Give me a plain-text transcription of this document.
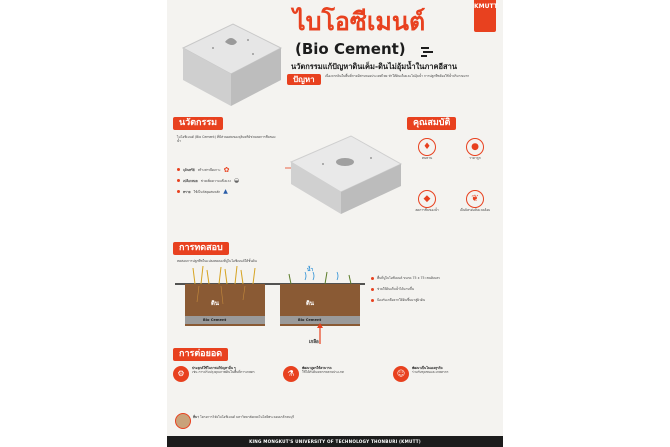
KMUTT
ไบโอซีเมนต์
(Bio Cement)
นวัตกรรมแก้ปัญหาดินเค็ม-ดินไม่อุ้มน้ำในภาคอีสาน
ปัญหา	เนื่องจากดินในพื้นที่ภาคอีสานของประเทศไทย ทำให้ดินเค็มและไม่อุ้มน้ำ การปลูกพืชต้องใช้น้ำปริมาณมาก
นวัตกรรม
ไบโอซีเมนต์ (Bio Cement) ที่มีส่วนผสมของจุลินทรีย์ช่วยลดการซึมของน้ำ
จุลินทรีย์ สร้างสารยึดเกาะ ✿
เปลือกหอย ช่วยเพิ่มความแข็งแรง ◒
ทราย ใช้เป็นวัสดุผสมหลัก ▲
คุณสมบัติ
♦
ทนทาน
●
ราคาถูก
◆
ลดการซึมของน้ำ
❦
เป็นมิตรต่อสิ่งแวดล้อม
การทดสอบ
ทดสอบการปลูกพืชในแปลงทดลองที่ปูไบโอซีเมนต์ใต้ชั้นดิน
ดิน	ดิน
Bio Cement	Bio Cement
น้ำ
เกลือ
พื้นที่ปูไบโอซีเมนต์ ขนาด 75 x 75 เซนติเมตร
ช่วยให้ดินเก็บน้ำได้นานขึ้น
ป้องกันเกลือจากใต้ดินขึ้นมาสู่ผิวดิน
การต่อยอด
⚙
ประยุกต์ใช้ในการแก้ปัญหาอื่น ๆ
เช่น การปรับปรุงคุณภาพดินในพื้นที่การเกษตร	⚗
พัฒนาสูตรให้สามารถ
ใช้ได้กับดินหลากหลายประเภท	☺
พัฒนาเป็นโมเดลธุรกิจ
ร่วมกับชุมชนและเกษตรกร
ที่มา โครงการวิจัยไบโอซีเมนต์ มหาวิทยาลัยเทคโนโลยีพระจอมเกล้าธนบุรี
KING MONGKUT'S UNIVERSITY OF TECHNOLOGY THONBURI (KMUTT)
